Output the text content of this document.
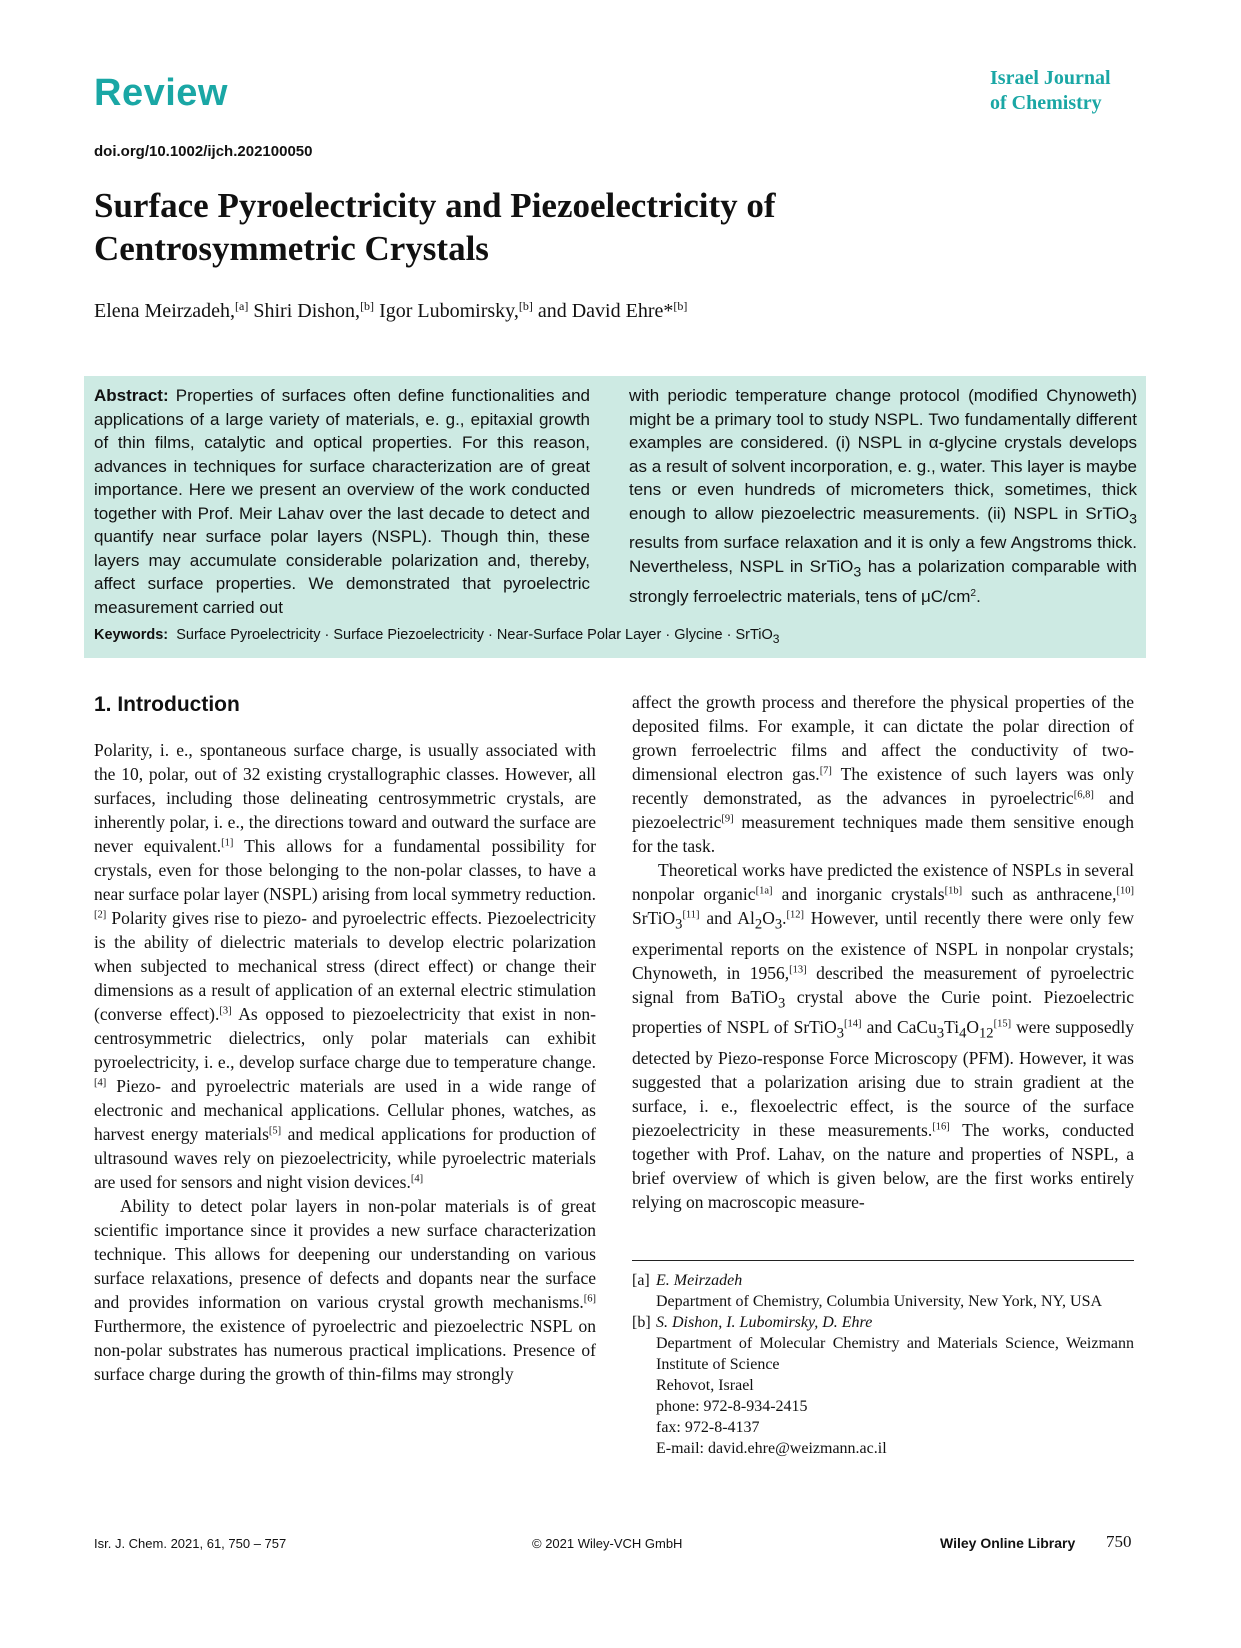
Review	Israel Journal
of Chemistry
doi.org/10.1002/ijch.202100050
Surface Pyroelectricity and Piezoelectricity of
Centrosymmetric Crystals
Elena Meirzadeh,[a] Shiri Dishon,[b] Igor Lubomirsky,[b] and David Ehre*[b]
Abstract: Properties of surfaces often define functionalities and applications of a large variety of materials, e. g., epitaxial growth of thin films, catalytic and optical properties. For this reason, advances in techniques for surface characterization are of great importance. Here we present an overview of the work conducted together with Prof. Meir Lahav over the last decade to detect and quantify near surface polar layers (NSPL). Though thin, these layers may accumulate considerable polarization and, thereby, affect surface properties. We demonstrated that pyroelectric measurement carried out
with periodic temperature change protocol (modified Chynoweth) might be a primary tool to study NSPL. Two fundamentally different examples are considered. (i) NSPL in α-glycine crystals develops as a result of solvent incorporation, e. g., water. This layer is maybe tens or even hundreds of micrometers thick, sometimes, thick enough to allow piezoelectric measurements. (ii) NSPL in SrTiO$_3$ results from surface relaxation and it is only a few Angstroms thick. Nevertheless, NSPL in SrTiO$_3$ has a polarization comparable with strongly ferroelectric materials, tens of $\mu C/cm^2$.
Keywords: Surface Pyroelectricity · Surface Piezoelectricity · Near-Surface Polar Layer · Glycine · SrTiO$_3$
1. Introduction

Polarity, i. e., spontaneous surface charge, is usually associated with the 10, polar, out of 32 existing crystallographic classes. However, all surfaces, including those delineating centrosymmetric crystals, are inherently polar, i. e., the directions toward and outward the surface are never equivalent.[1] This allows for a fundamental possibility for crystals, even for those belonging to the non-polar classes, to have a near surface polar layer (NSPL) arising from local symmetry reduction.[2] Polarity gives rise to piezo- and pyroelectric effects. Piezoelectricity is the ability of dielectric materials to develop electric polarization when subjected to mechanical stress (direct effect) or change their dimensions as a result of application of an external electric stimulation (converse effect).[3] As opposed to piezoelectricity that exist in non-centrosymmetric dielectrics, only polar materials can exhibit pyroelectricity, i. e., develop surface charge due to temperature change.[4] Piezo- and pyroelectric materials are used in a wide range of electronic and mechanical applications. Cellular phones, watches, as harvest energy materials[5] and medical applications for production of ultrasound waves rely on piezoelectricity, while pyroelectric materials are used for sensors and night vision devices.[4]

Ability to detect polar layers in non-polar materials is of great scientific importance since it provides a new surface characterization technique. This allows for deepening our understanding on various surface relaxations, presence of defects and dopants near the surface and provides information on various crystal growth mechanisms.[6] Furthermore, the existence of pyroelectric and piezoelectric NSPL on non-polar substrates has numerous practical implications. Presence of surface charge during the growth of thin-films may strongly

affect the growth process and therefore the physical properties of the deposited films. For example, it can dictate the polar direction of grown ferroelectric films and affect the conductivity of two-dimensional electron gas.[7] The existence of such layers was only recently demonstrated, as the advances in pyroelectric[6,8] and piezoelectric[9] measurement techniques made them sensitive enough for the task.

Theoretical works have predicted the existence of NSPLs in several nonpolar organic[1a] and inorganic crystals[1b] such as anthracene,[10] SrTiO$_3$[11] and $Al_2O_3.[12]$ However, until recently there were only few experimental reports on the existence of NSPL in nonpolar crystals; Chynoweth, in 1956,[13] described the measurement of pyroelectric signal from BaTiO$_3$ crystal above the Curie point. Piezoelectric properties of NSPL of SrTiO$_3$[14] and $CaCu_3Ti_4O_{12}[15]$ were supposedly detected by Piezo-response Force Microscopy (PFM). However, it was suggested that a polarization arising due to strain gradient at the surface, i. e., flexoelectric effect, is the source of the surface piezoelectricity in these measurements.[16] The works, conducted together with Prof. Lahav, on the nature and properties of NSPL, a brief overview of which is given below, are the first works entirely relying on macroscopic measure-

[a] E. Meirzadeh
Department of Chemistry, Columbia University, New York, NY, USA
[b] S. Dishon, I. Lubomirsky, D. Ehre
Department of Molecular Chemistry and Materials Science, Weizmann Institute of Science
Rehovot, Israel
phone: 972-8-934-2415
fax: 972-8-4137
E-mail: david.ehre@weizmann.ac.il
Isr. J. Chem. 2021, 61, 750 – 757	© 2021 Wiley-VCH GmbH	Wiley Online Library 750
